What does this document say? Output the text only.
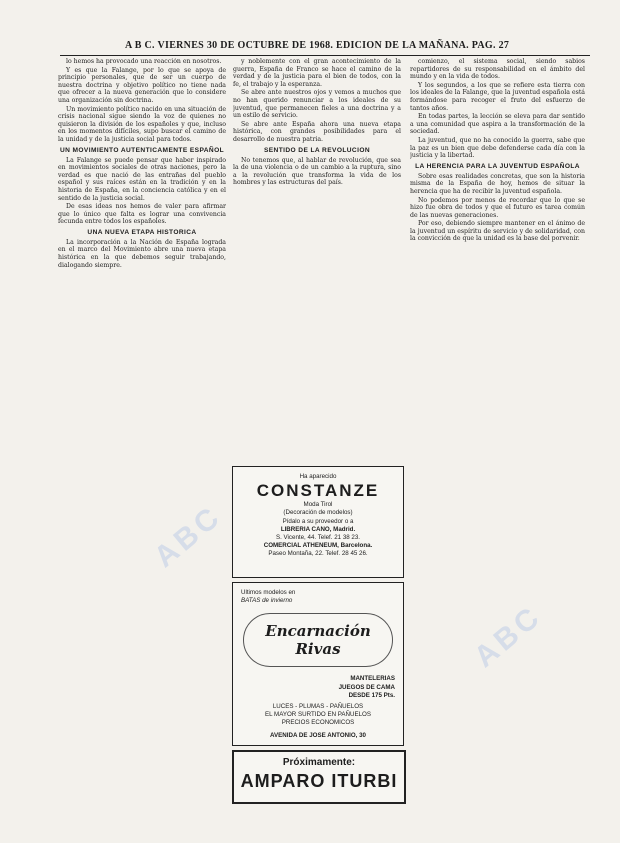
A B C. VIERNES 30 DE OCTUBRE DE 1968. EDICION DE LA MAÑANA. PAG. 27

lo hemos ha provocado una reacción en nosotros.

Y es que la Falange, por lo que se apoya de principio personales, que de ser un cuerpo de nuestra doctrina y objetivo político no tiene nada que ofrecer a la nueva generación que lo considere una organización sin doctrina.

Un movimiento político nacido en una situación de crisis nacional sigue siendo la voz de quienes no quisieron la división de los españoles y que, incluso en los momentos difíciles, supo buscar el camino de la unidad y de la justicia social para todos.

UN MOVIMIENTO AUTENTICAMENTE ESPAÑOL

La Falange se puede pensar que haber inspirado en movimientos sociales de otras naciones, pero la verdad es que nació de las entrañas del pueblo español y sus raíces están en la tradición y en la historia de España, en la conciencia católica y en el sentido de la justicia social.

De esas ideas nos hemos de valer para afirmar que lo único que falta es lograr una convivencia fecunda entre todos los españoles.

UNA NUEVA ETAPA HISTORICA

La incorporación a la Nación de España lograda en el marco del Movimiento abre una nueva etapa histórica en la que debemos seguir trabajando, dialogando siempre.

y noblemente con el gran acontecimiento de la guerra, España de Franco se hace el camino de la verdad y de la justicia para el bien de todos, con la fe, el trabajo y la esperanza.

Se abre ante nuestros ojos y vemos a muchos que no han querido renunciar a los ideales de su juventud, que permanecen fieles a una doctrina y a un estilo de servicio.

Se abre ante España ahora una nueva etapa histórica, con grandes posibilidades para el desarrollo de nuestra patria.

SENTIDO DE LA REVOLUCION

No tenemos que, al hablar de revolución, que sea la de una violencia o de un cambio a la ruptura, sino a la revolución que transforma la vida de los hombres y las estructuras del país.

Ha aparecido
CONSTANZE
Moda Tirol
(Decoración de modelos)
Pídalo a su proveedor o a
LIBRERIA CANO, Madrid.
S. Vicente, 44. Telef. 21 38 23.
COMERCIAL ATHENEUM, Barcelona.
Paseo Montaña, 22. Telef. 28 45 26.
Ultimos modelos en
BATAS de invierno
Encarnación Rivas
MANTELERIAS
JUEGOS DE CAMA
DESDE 175 Pts.
LUCES - PLUMAS - PAÑUELOS
EL MAYOR SURTIDO EN PAÑUELOS
PRECIOS ECONOMICOS
AVENIDA DE JOSE ANTONIO, 30
Próximamente:
AMPARO ITURBI

comienzo, el sistema social, siendo sabios repartidores de su responsabilidad en el ámbito del mundo y en la vida de todos.

Y los segundos, a los que se refiere esta tierra con los ideales de la Falange, que la juventud española está formándose para recoger el fruto del esfuerzo de tantos años.

En todas partes, la lección se eleva para dar sentido a una comunidad que aspira a la transformación de la sociedad.

La juventud, que no ha conocido la guerra, sabe que la paz es un bien que debe defenderse cada día con la justicia y la libertad.

LA HERENCIA PARA LA JUVENTUD ESPAÑOLA

Sobre esas realidades concretas, que son la historia misma de la España de hoy, hemos de situar la herencia que ha de recibir la juventud española.

No podemos por menos de recordar que lo que se hizo fue obra de todos y que el futuro es tarea común de las nuevas generaciones.

Por eso, debiendo siempre mantener en el ánimo de la juventud un espíritu de servicio y de solidaridad, con la convicción de que la unidad es la base del porvenir.

ABC
ABC
